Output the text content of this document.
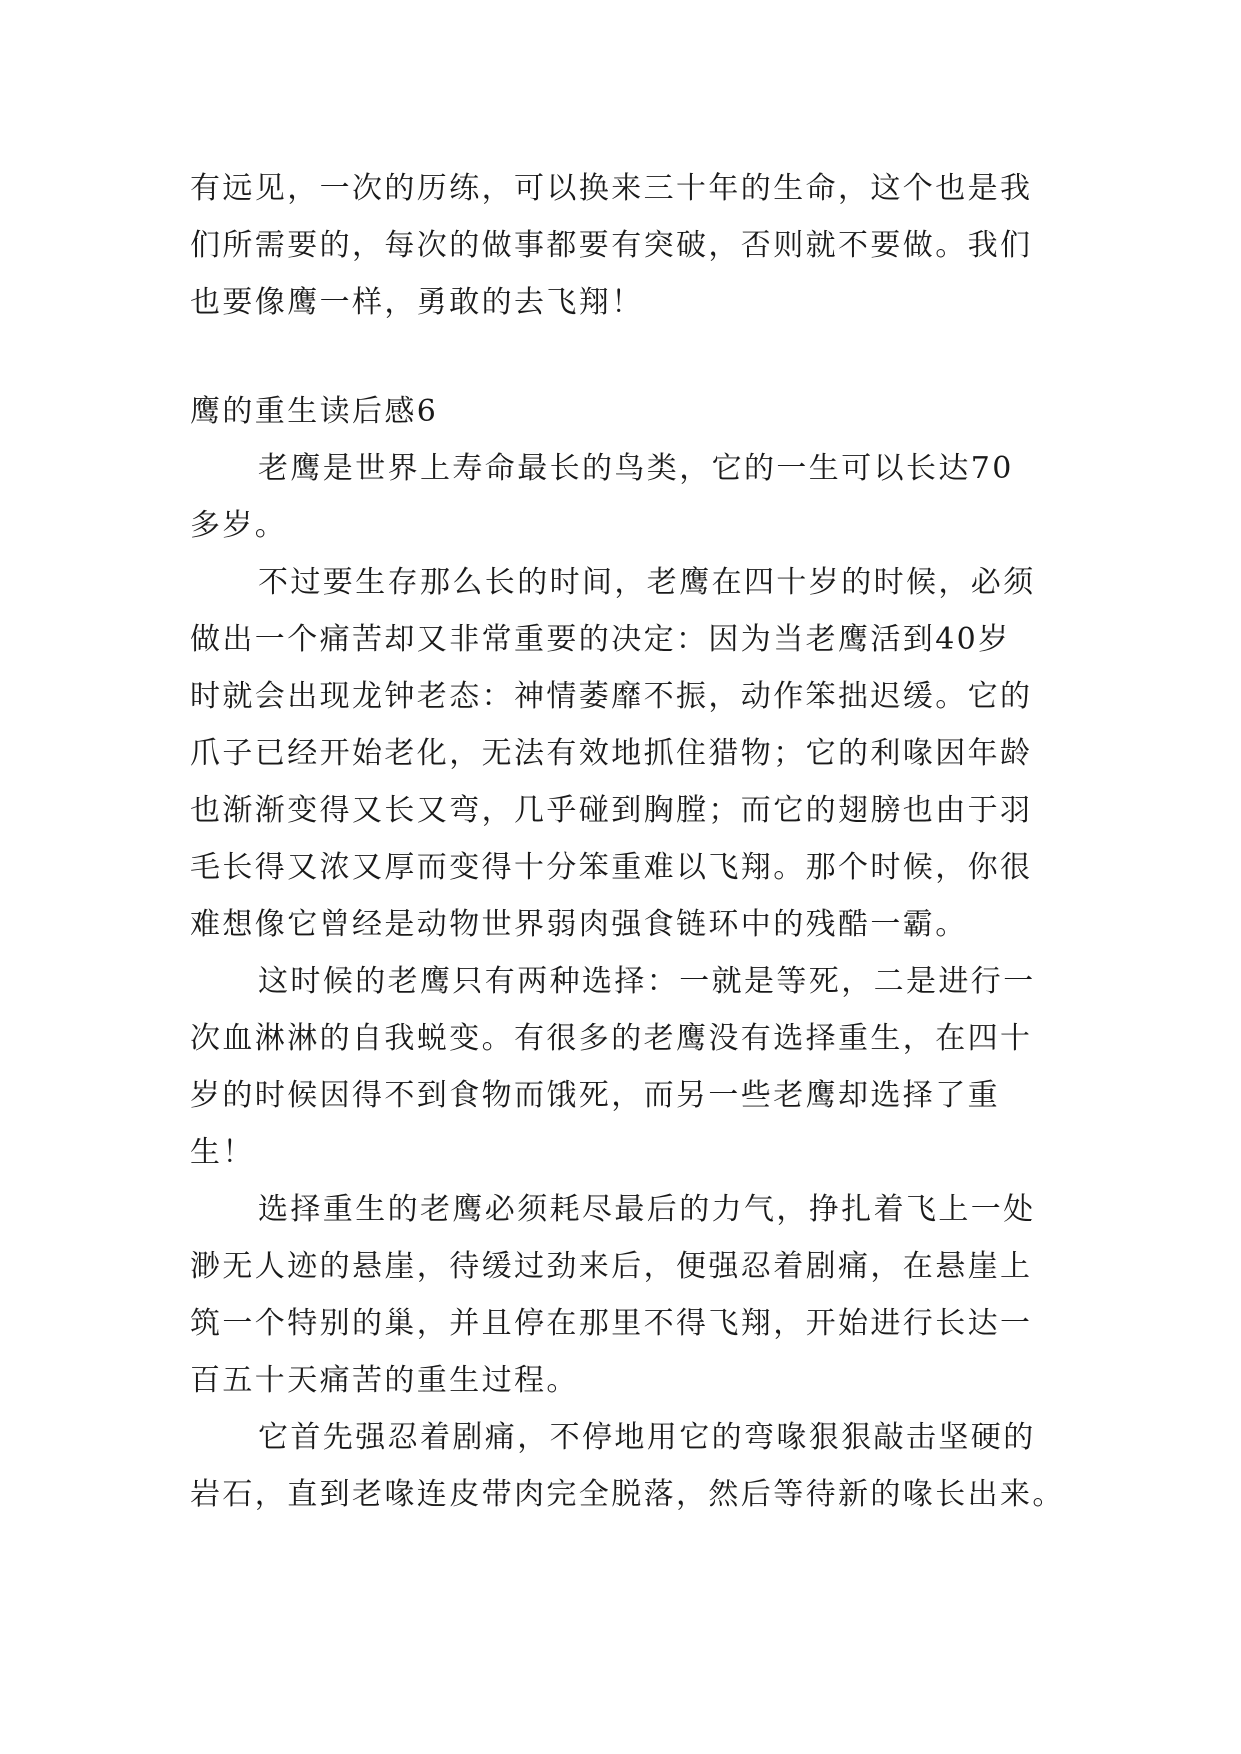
有远见，一次的历练，可以换来三十年的生命，这个也是我
们所需要的，每次的做事都要有突破，否则就不要做。我们
也要像鹰一样，勇敢的去飞翔！
鹰的重生读后感6
老鹰是世界上寿命最长的鸟类，它的一生可以长达70
多岁。
不过要生存那么长的时间，老鹰在四十岁的时候，必须
做出一个痛苦却又非常重要的决定：因为当老鹰活到40岁
时就会出现龙钟老态：神情萎靡不振，动作笨拙迟缓。它的
爪子已经开始老化，无法有效地抓住猎物；它的利喙因年龄
也渐渐变得又长又弯，几乎碰到胸膛；而它的翅膀也由于羽
毛长得又浓又厚而变得十分笨重难以飞翔。那个时候，你很
难想像它曾经是动物世界弱肉强食链环中的残酷一霸。
这时候的老鹰只有两种选择：一就是等死，二是进行一
次血淋淋的自我蜕变。有很多的老鹰没有选择重生，在四十
岁的时候因得不到食物而饿死，而另一些老鹰却选择了重
生！
选择重生的老鹰必须耗尽最后的力气，挣扎着飞上一处
渺无人迹的悬崖，待缓过劲来后，便强忍着剧痛，在悬崖上
筑一个特别的巢，并且停在那里不得飞翔，开始进行长达一
百五十天痛苦的重生过程。
它首先强忍着剧痛，不停地用它的弯喙狠狠敲击坚硬的
岩石，直到老喙连皮带肉完全脱落，然后等待新的喙长出来。
